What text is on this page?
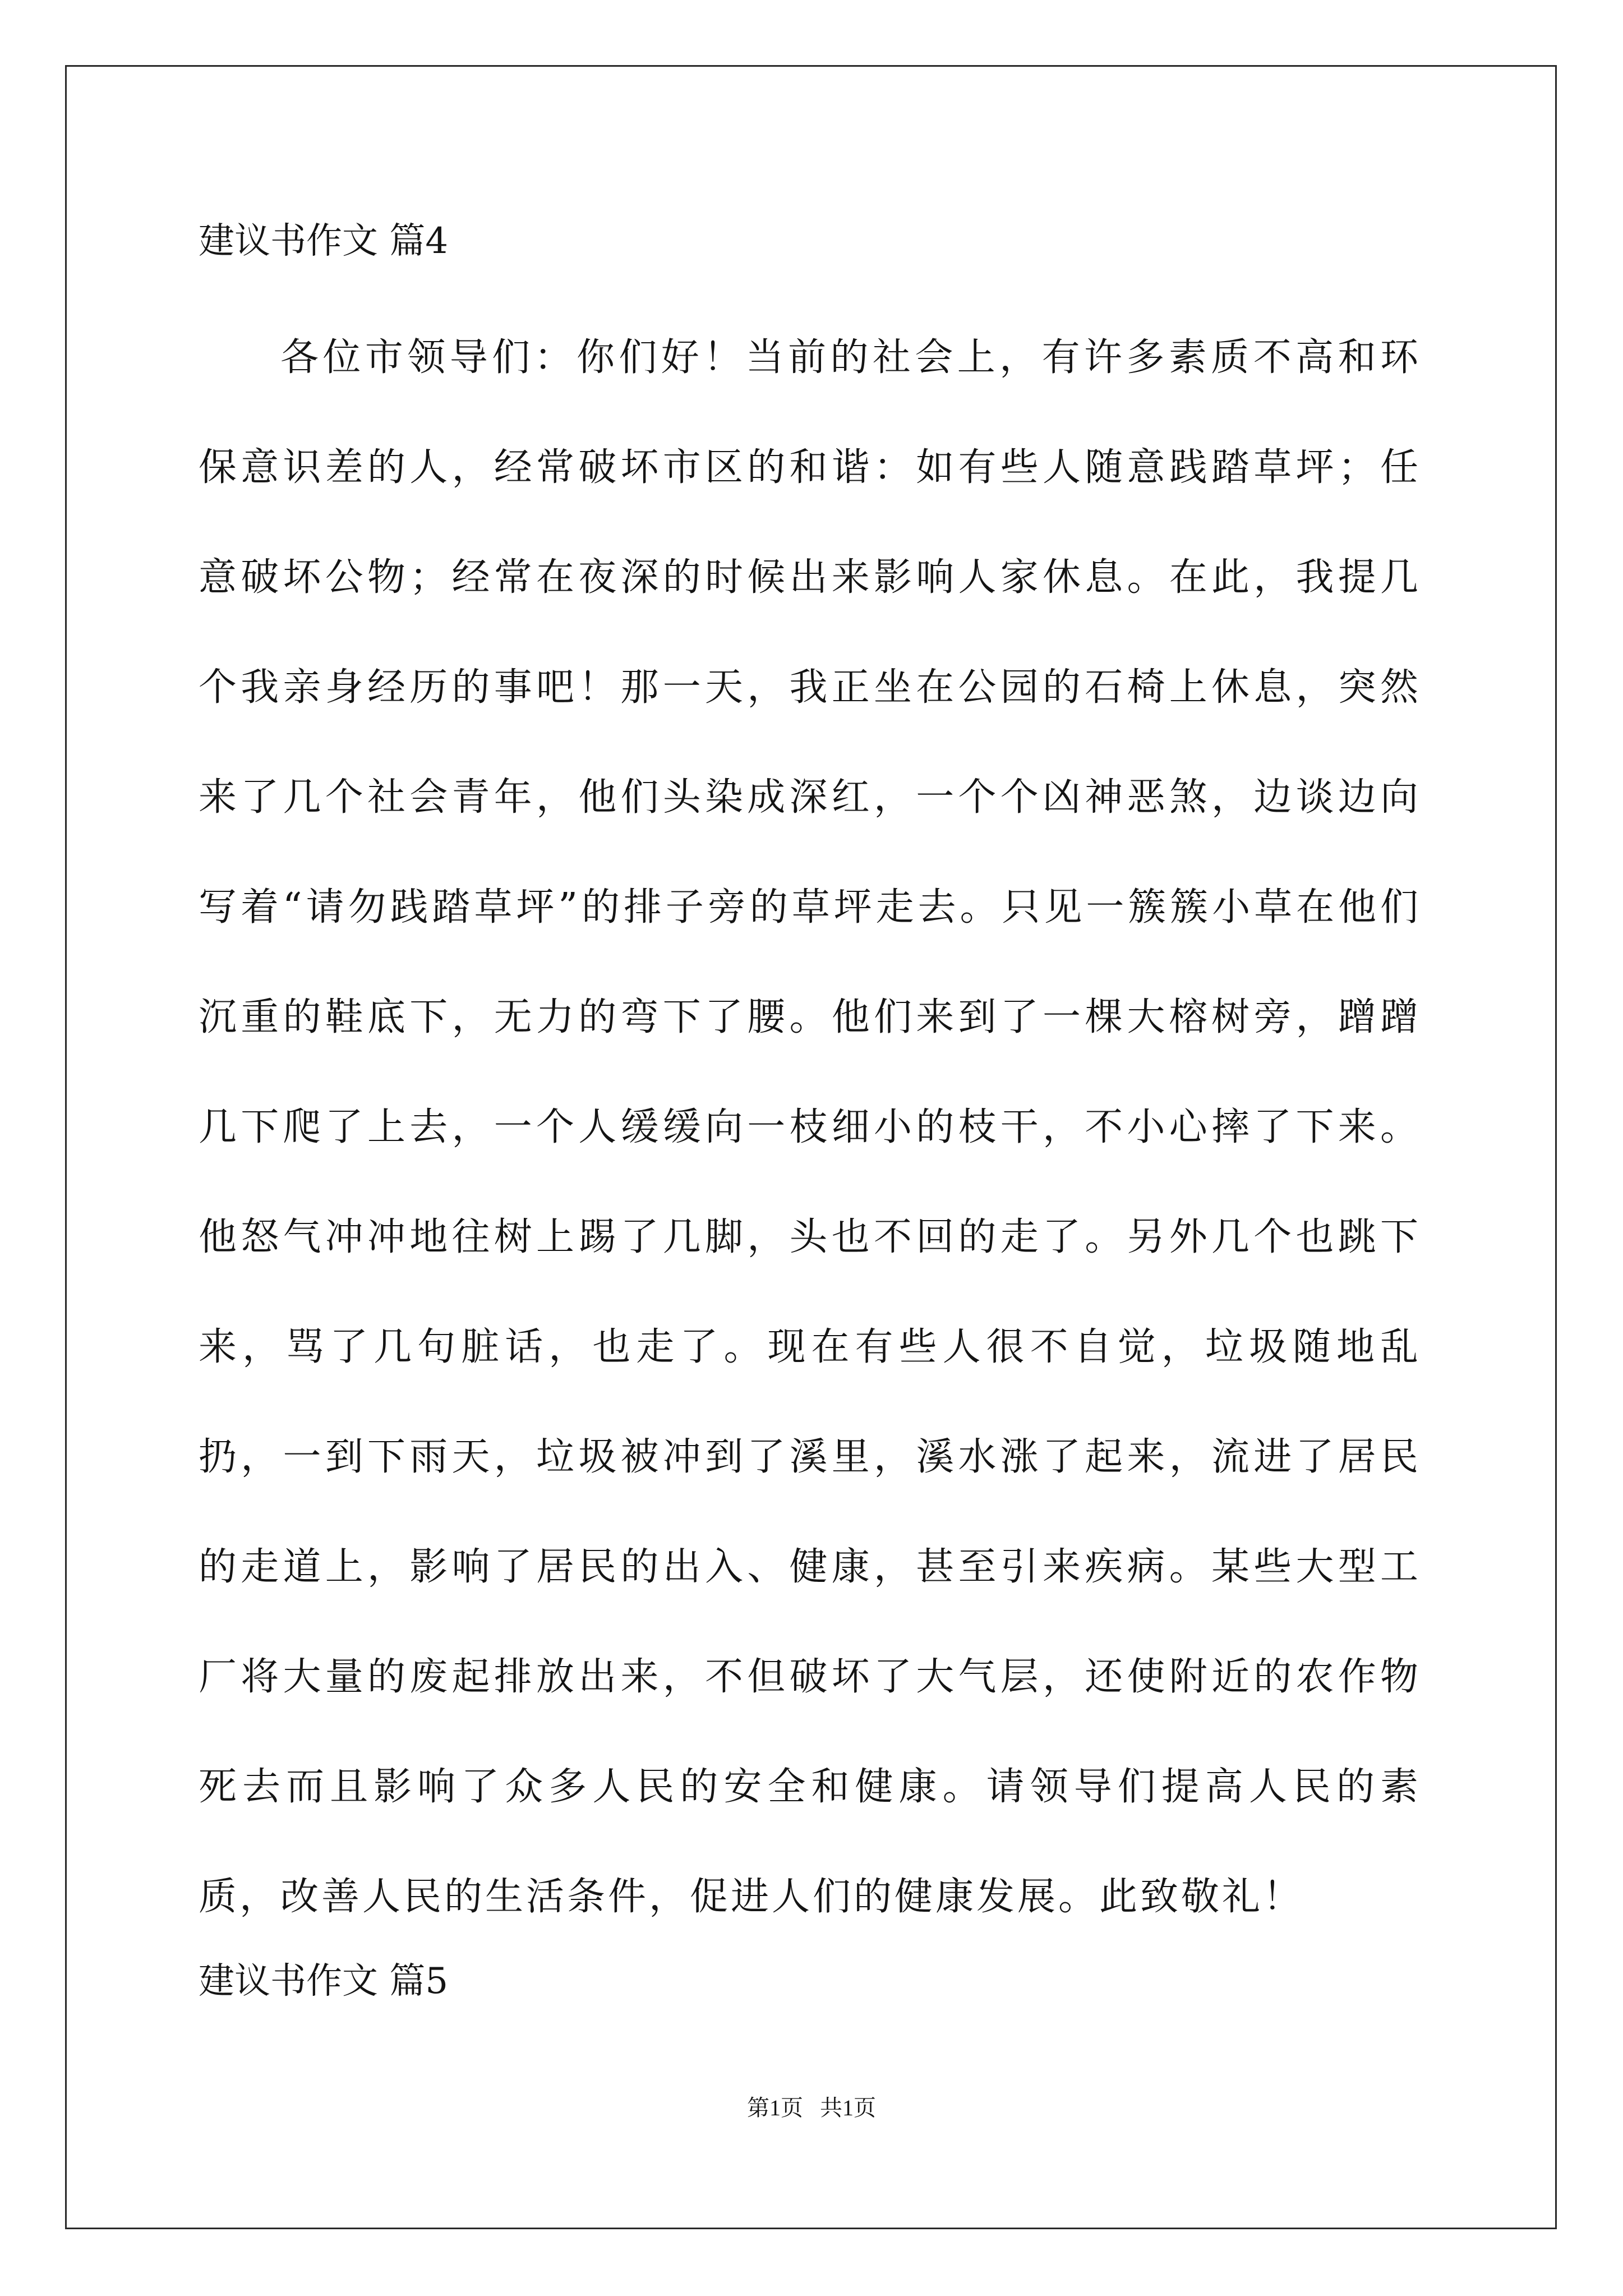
建议书作文 篇4

各位市领导们：你们好！当前的社会上，有许多素质不高和环保意识差的人，经常破坏市区的和谐：如有些人随意践踏草坪；任意破坏公物；经常在夜深的时候出来影响人家休息。在此，我提几个我亲身经历的事吧！那一天，我正坐在公园的石椅上休息，突然来了几个社会青年，他们头染成深红，一个个凶神恶煞，边谈边向写着“请勿践踏草坪”的排子旁的草坪走去。只见一簇簇小草在他们沉重的鞋底下，无力的弯下了腰。他们来到了一棵大榕树旁，蹭蹭几下爬了上去，一个人缓缓向一枝细小的枝干，不小心摔了下来。他怒气冲冲地往树上踢了几脚，头也不回的走了。另外几个也跳下来，骂了几句脏话，也走了。现在有些人很不自觉，垃圾随地乱扔，一到下雨天，垃圾被冲到了溪里，溪水涨了起来，流进了居民的走道上，影响了居民的出入、健康，甚至引来疾病。某些大型工厂将大量的废起排放出来，不但破坏了大气层，还使附近的农作物死去而且影响了众多人民的安全和健康。请领导们提高人民的素质，改善人民的生活条件，促进人们的健康发展。此致敬礼！

建议书作文 篇5
第1页   共1页
